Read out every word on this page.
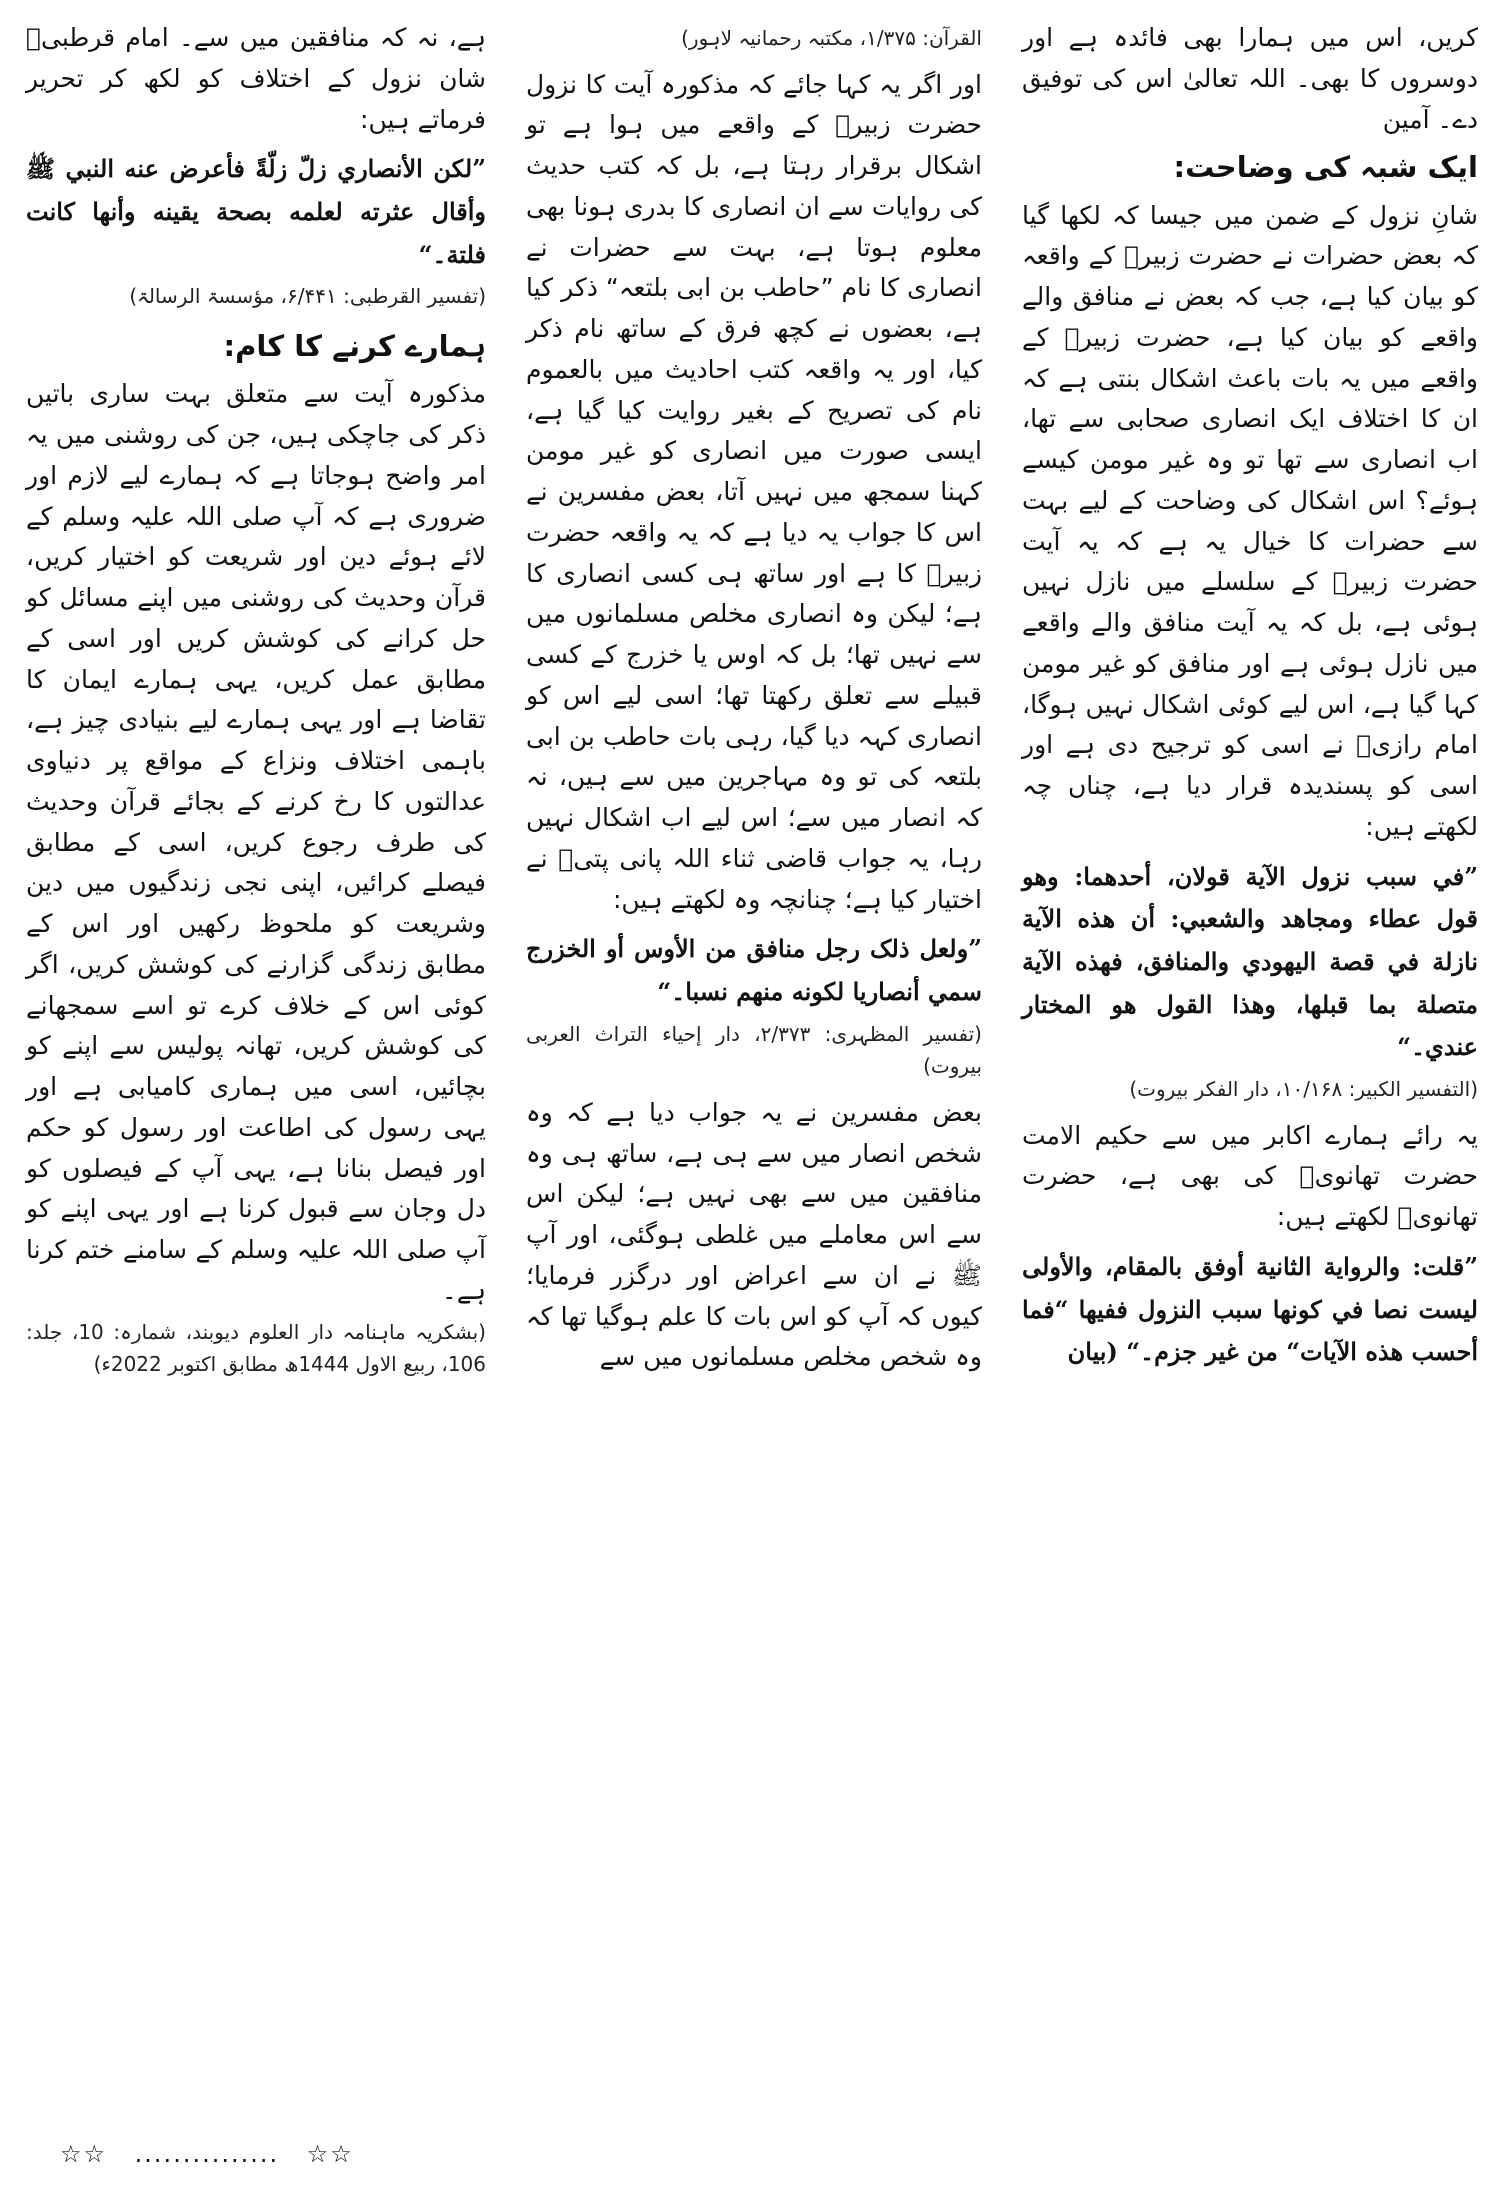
کریں، اس میں ہمارا بھی فائدہ ہے اور دوسروں کا بھی۔ اللہ تعالیٰ اس کی توفیق دے۔ آمین

ایک شبہ کی وضاحت:

شانِ نزول کے ضمن میں جیسا کہ لکھا گیا کہ بعض حضرات نے حضرت زبیرؓ کے واقعہ کو بیان کیا ہے، جب کہ بعض نے منافق والے واقعے کو بیان کیا ہے، حضرت زبیرؓ کے واقعے میں یہ بات باعث اشکال بنتی ہے کہ ان کا اختلاف ایک انصاری صحابی سے تھا، اب انصاری سے تھا تو وہ غیر مومن کیسے ہوئے؟ اس اشکال کی وضاحت کے لیے بہت سے حضرات کا خیال یہ ہے کہ یہ آیت حضرت زبیرؓ کے سلسلے میں نازل نہیں ہوئی ہے، بل کہ یہ آیت منافق والے واقعے میں نازل ہوئی ہے اور منافق کو غیر مومن کہا گیا ہے، اس لیے کوئی اشکال نہیں ہوگا، امام رازیؒ نے اسی کو ترجیح دی ہے اور اسی کو پسندیدہ قرار دیا ہے، چناں چہ لکھتے ہیں:

”في سبب نزول الآية قولان، أحدهما: وهو قول عطاء ومجاهد والشعبي: أن هذه الآية نازلة في قصة اليهودي والمنافق، فهذه الآية متصلة بما قبلها، وهذا القول هو المختار عندي۔“

(التفسیر الکبیر: ۱۰/۱۶۸، دار الفکر بیروت)

یہ رائے ہمارے اکابر میں سے حکیم الامت حضرت تھانویؒ کی بھی ہے، حضرت تھانویؒ لکھتے ہیں:

”قلت: والرواية الثانية أوفق بالمقام، والأولى ليست نصا في كونها سبب النزول ففيها “فما أحسب هذه الآيات“ من غير جزم۔“ (بیان

القرآن: ۱/۳۷۵، مکتبہ رحمانیہ لاہور)

اور اگر یہ کہا جائے کہ مذکورہ آیت کا نزول حضرت زبیرؓ کے واقعے میں ہوا ہے تو اشکال برقرار رہتا ہے، بل کہ کتب حدیث کی روایات سے ان انصاری کا بدری ہونا بھی معلوم ہوتا ہے، بہت سے حضرات نے انصاری کا نام ”حاطب بن ابی بلتعہ“ ذکر کیا ہے، بعضوں نے کچھ فرق کے ساتھ نام ذکر کیا، اور یہ واقعہ کتب احادیث میں بالعموم نام کی تصریح کے بغیر روایت کیا گیا ہے، ایسی صورت میں انصاری کو غیر مومن کہنا سمجھ میں نہیں آتا، بعض مفسرین نے اس کا جواب یہ دیا ہے کہ یہ واقعہ حضرت زبیرؓ کا ہے اور ساتھ ہی کسی انصاری کا ہے؛ لیکن وہ انصاری مخلص مسلمانوں میں سے نہیں تھا؛ بل کہ اوس یا خزرج کے کسی قبیلے سے تعلق رکھتا تھا؛ اسی لیے اس کو انصاری کہہ دیا گیا، رہی بات حاطب بن ابی بلتعہ کی تو وہ مہاجرین میں سے ہیں، نہ کہ انصار میں سے؛ اس لیے اب اشکال نہیں رہا، یہ جواب قاضی ثناء اللہ پانی پتیؒ نے اختیار کیا ہے؛ چنانچہ وہ لکھتے ہیں:

”ولعل ذلک رجل منافق من الأوس أو الخزرج سمي أنصاريا لكونه منهم نسبا۔“

(تفسیر المظہری: ۲/۳۷۳، دار إحیاء التراث العربی بیروت)

بعض مفسرین نے یہ جواب دیا ہے کہ وہ شخص انصار میں سے ہی ہے، ساتھ ہی وہ منافقین میں سے بھی نہیں ہے؛ لیکن اس سے اس معاملے میں غلطی ہوگئی، اور آپ ﷺ نے ان سے اعراض اور درگزر فرمایا؛ کیوں کہ آپ کو اس بات کا علم ہوگیا تھا کہ وہ شخص مخلص مسلمانوں میں سے

ہے، نہ کہ منافقین میں سے۔ امام قرطبیؒ شان نزول کے اختلاف کو لکھ کر تحریر فرماتے ہیں:

”لكن الأنصاري زلّ زلّةً فأعرض عنه النبي ﷺ وأقال عثرته لعلمه بصحة يقينه وأنها كانت فلتة۔“

(تفسیر القرطبی: ۶/۴۴۱، مؤسسۃ الرسالۃ)

ہمارے کرنے کا کام:

مذکورہ آیت سے متعلق بہت ساری باتیں ذکر کی جاچکی ہیں، جن کی روشنی میں یہ امر واضح ہوجاتا ہے کہ ہمارے لیے لازم اور ضروری ہے کہ آپ صلی اللہ علیہ وسلم کے لائے ہوئے دین اور شریعت کو اختیار کریں، قرآن وحدیث کی روشنی میں اپنے مسائل کو حل کرانے کی کوشش کریں اور اسی کے مطابق عمل کریں، یہی ہمارے ایمان کا تقاضا ہے اور یہی ہمارے لیے بنیادی چیز ہے، باہمی اختلاف ونزاع کے مواقع پر دنیاوی عدالتوں کا رخ کرنے کے بجائے قرآن وحدیث کی طرف رجوع کریں، اسی کے مطابق فیصلے کرائیں، اپنی نجی زندگیوں میں دین وشریعت کو ملحوظ رکھیں اور اس کے مطابق زندگی گزارنے کی کوشش کریں، اگر کوئی اس کے خلاف کرے تو اسے سمجھانے کی کوشش کریں، تھانہ پولیس سے اپنے کو بچائیں، اسی میں ہماری کامیابی ہے اور یہی رسول کی اطاعت اور رسول کو حکم اور فیصل بنانا ہے، یہی آپ کے فیصلوں کو دل وجان سے قبول کرنا ہے اور یہی اپنے کو آپ صلی اللہ علیہ وسلم کے سامنے ختم کرنا ہے۔

(بشکریہ ماہنامہ دار العلوم دیوبند، شمارہ: 10، جلد: 106، ربیع الاول 1444ھ مطابق اکتوبر 2022ء)

☆☆ ............... ☆☆
